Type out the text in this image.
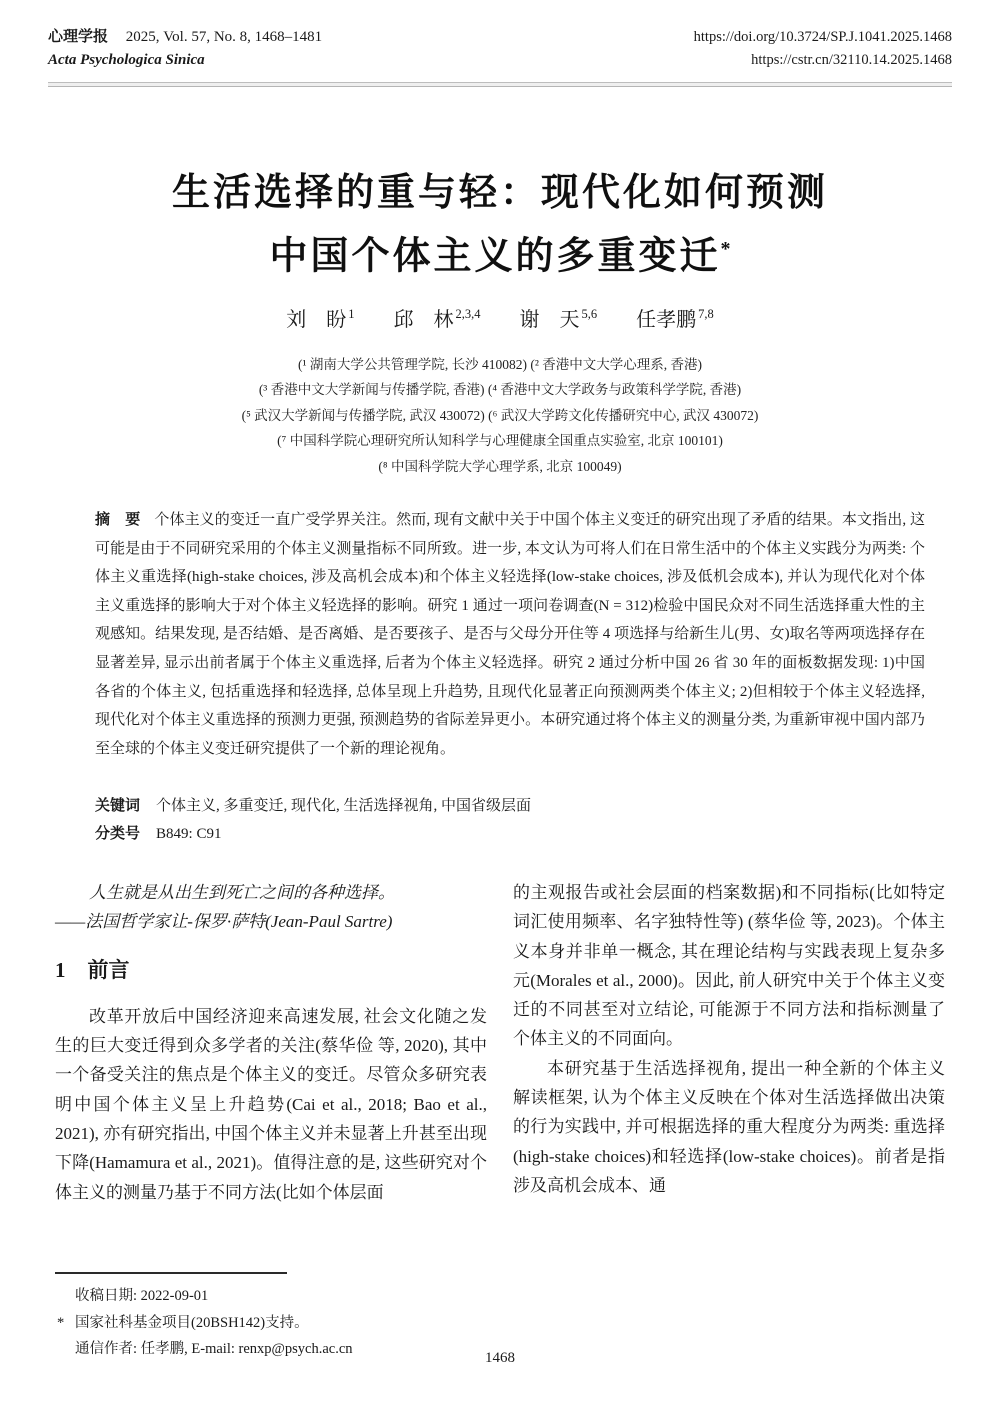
心理学报 2025, Vol. 57, No. 8, 1468–1481
Acta Psychologica Sinica
https://doi.org/10.3724/SP.J.1041.2025.1468
https://cstr.cn/32110.14.2025.1468
生活选择的重与轻：现代化如何预测
中国个体主义的多重变迁*
刘　盼 $^1$ 邱　林 $^{2,3,4}$ 谢　天 $^{5,6}$ 任孝鹏 $^{7,8}$
(¹ 湖南大学公共管理学院, 长沙 410082) (² 香港中文大学心理系, 香港)
(³ 香港中文大学新闻与传播学院, 香港) (⁴ 香港中文大学政务与政策科学学院, 香港)
(⁵ 武汉大学新闻与传播学院, 武汉 430072) (⁶ 武汉大学跨文化传播研究中心, 武汉 430072)
(⁷ 中国科学院心理研究所认知科学与心理健康全国重点实验室, 北京 100101)
(⁸ 中国科学院大学心理学系, 北京 100049)
摘　要 个体主义的变迁一直广受学界关注。然而, 现有文献中关于中国个体主义变迁的研究出现了矛盾的结果。本文指出, 这可能是由于不同研究采用的个体主义测量指标不同所致。进一步, 本文认为可将人们在日常生活中的个体主义实践分为两类: 个体主义重选择(high-stake choices, 涉及高机会成本)和个体主义轻选择(low-stake choices, 涉及低机会成本), 并认为现代化对个体主义重选择的影响大于对个体主义轻选择的影响。研究 1 通过一项问卷调查(N = 312)检验中国民众对不同生活选择重大性的主观感知。结果发现, 是否结婚、是否离婚、是否要孩子、是否与父母分开住等 4 项选择与给新生儿(男、女)取名等两项选择存在显著差异, 显示出前者属于个体主义重选择, 后者为个体主义轻选择。研究 2 通过分析中国 26 省 30 年的面板数据发现: 1)中国各省的个体主义, 包括重选择和轻选择, 总体呈现上升趋势, 且现代化显著正向预测两类个体主义; 2)但相较于个体主义轻选择, 现代化对个体主义重选择的预测力更强, 预测趋势的省际差异更小。本研究通过将个体主义的测量分类, 为重新审视中国内部乃至全球的个体主义变迁研究提供了一个新的理论视角。
关键词 个体主义, 多重变迁, 现代化, 生活选择视角, 中国省级层面
分类号 B849: C91
人生就是从出生到死亡之间的各种选择。
——法国哲学家让-保罗·萨特(Jean-Paul Sartre)
1 前言

改革开放后中国经济迎来高速发展, 社会文化随之发生的巨大变迁得到众多学者的关注(蔡华俭 等, 2020), 其中一个备受关注的焦点是个体主义的变迁。尽管众多研究表明中国个体主义呈上升趋势(Cai et al., 2018; Bao et al., 2021), 亦有研究指出, 中国个体主义并未显著上升甚至出现下降(Hamamura et al., 2021)。值得注意的是, 这些研究对个体主义的测量乃基于不同方法(比如个体层面

的主观报告或社会层面的档案数据)和不同指标(比如特定词汇使用频率、名字独特性等) (蔡华俭 等, 2023)。个体主义本身并非单一概念, 其在理论结构与实践表现上复杂多元(Morales et al., 2000)。因此, 前人研究中关于个体主义变迁的不同甚至对立结论, 可能源于不同方法和指标测量了个体主义的不同面向。

本研究基于生活选择视角, 提出一种全新的个体主义解读框架, 认为个体主义反映在个体对生活选择做出决策的行为实践中, 并可根据选择的重大程度分为两类: 重选择(high-stake choices)和轻选择(low-stake choices)。前者是指涉及高机会成本、通

收稿日期: 2022-09-01
* 国家社科基金项目(20BSH142)支持。
通信作者: 任孝鹏, E-mail: renxp@psych.ac.cn
1468
